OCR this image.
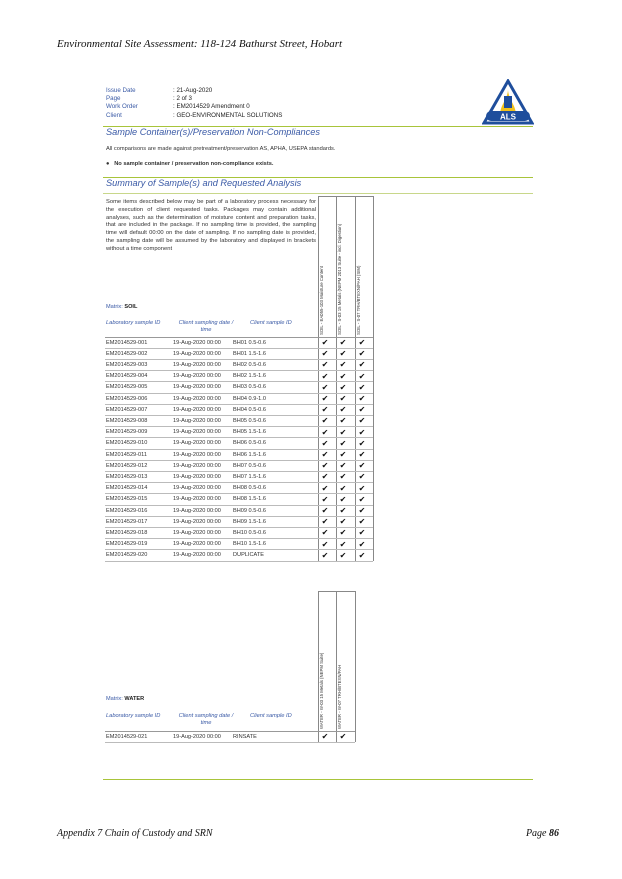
Environmental Site Assessment: 118-124 Bathurst Street, Hobart
Issue Date	: 21-Aug-2020
Page	: 2 of 3
Work Order	: EM2014529 Amendment 0
Client	: GEO-ENVIRONMENTAL SOLUTIONS	ALS
Sample Container(s)/Preservation Non-Compliances
All comparisons are made against pretreatment/preservation AS, APHA, USEPA standards.
●   No sample container / preservation non-compliance exists.
Summary of Sample(s) and Requested Analysis
Some items described below may be part of a laboratory process necessary for the execution of client requested tasks. Packages may contain additional analyses, such as the determination of moisture content and preparation tasks, that are included in the package. If no sampling time is provided, the sampling time will default 00:00 on the date of sampling. If no sampling date is provided, the sampling date will be assumed by the laboratory and displayed in brackets without a time component
Matrix: SOIL
Laboratory sample ID	Client sampling date / time
Client sample ID	SOIL - EA055-103 Moisture Content	SOIL - S-03 15 Metals (NEPM 2013 Suite - incl. Digestion)	SOIL - S-07 TRH/BTEXN/PAH (SIM)
EM2014529-001	19-Aug-2020 00:00	BH01 0.5-0.6	✔ ✔ ✔
EM2014529-002	19-Aug-2020 00:00	BH01 1.5-1.6	✔ ✔ ✔
EM2014529-003	19-Aug-2020 00:00	BH02 0.5-0.6	✔ ✔ ✔
EM2014529-004	19-Aug-2020 00:00	BH02 1.5-1.6	✔ ✔ ✔
EM2014529-005	19-Aug-2020 00:00	BH03 0.5-0.6	✔ ✔ ✔
EM2014529-006	19-Aug-2020 00:00	BH04 0.9-1.0	✔ ✔ ✔
EM2014529-007	19-Aug-2020 00:00	BH04 0.5-0.6	✔ ✔ ✔
EM2014529-008	19-Aug-2020 00:00	BH05 0.5-0.6	✔ ✔ ✔
EM2014529-009	19-Aug-2020 00:00	BH05 1.5-1.6	✔ ✔ ✔
EM2014529-010	19-Aug-2020 00:00	BH06 0.5-0.6	✔ ✔ ✔
EM2014529-011	19-Aug-2020 00:00	BH06 1.5-1.6	✔ ✔ ✔
EM2014529-012	19-Aug-2020 00:00	BH07 0.5-0.6	✔ ✔ ✔
EM2014529-013	19-Aug-2020 00:00	BH07 1.5-1.6	✔ ✔ ✔
EM2014529-014	19-Aug-2020 00:00	BH08 0.5-0.6	✔ ✔ ✔
EM2014529-015	19-Aug-2020 00:00	BH08 1.5-1.6	✔ ✔ ✔
EM2014529-016	19-Aug-2020 00:00	BH09 0.5-0.6	✔ ✔ ✔
EM2014529-017	19-Aug-2020 00:00	BH09 1.5-1.6	✔ ✔ ✔
EM2014529-018	19-Aug-2020 00:00	BH10 0.5-0.6	✔ ✔ ✔
EM2014529-019	19-Aug-2020 00:00	BH10 1.5-1.6	✔ ✔ ✔
EM2014529-020	19-Aug-2020 00:00	DUPLICATE	✔ ✔ ✔
Matrix: WATER
Laboratory sample ID	Client sampling date / time
Client sample ID	WATER - W-03 15 Metals (NEPM Suite)	WATER - W-07 TRH/BTEXN/PAH
EM2014529-021	19-Aug-2020 00:00	RINSATE	✔ ✔
Appendix 7 Chain of Custody and SRN	Page 86
